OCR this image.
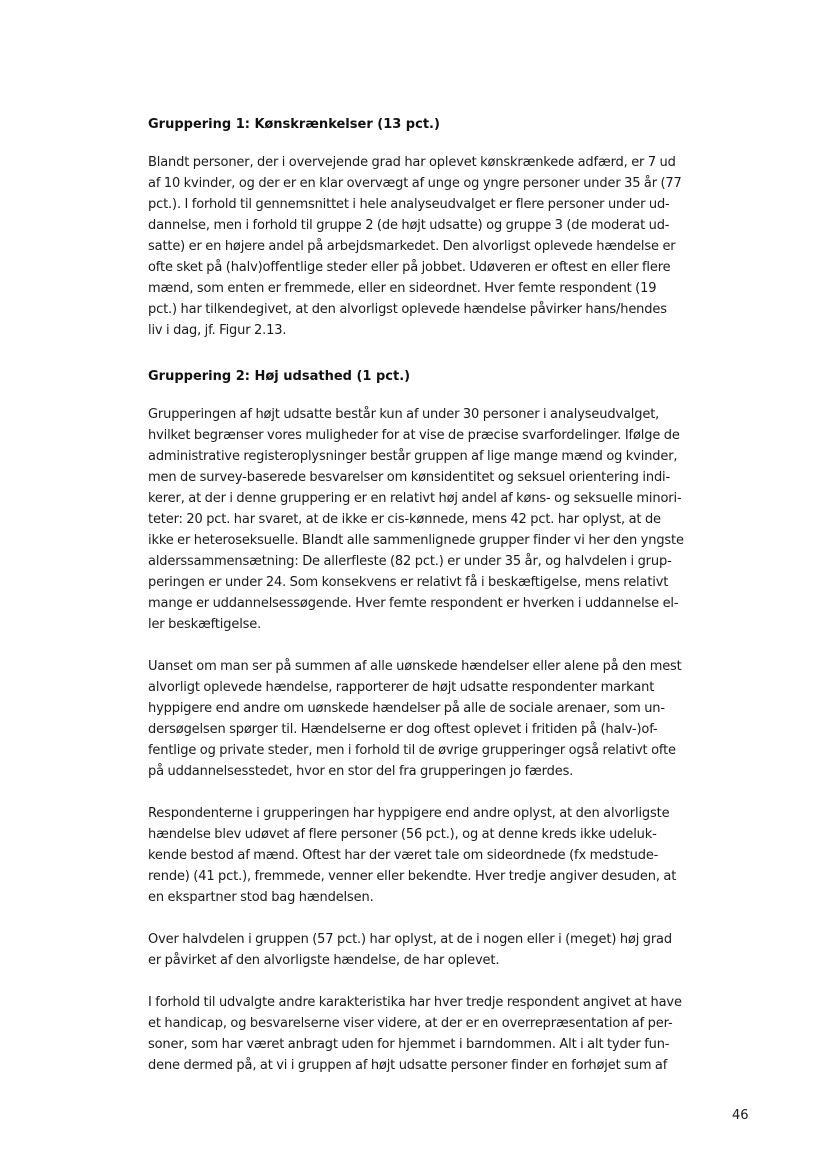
Gruppering 1: Kønskrænkelser (13 pct.)

Blandt personer, der i overvejende grad har oplevet kønskrænkede adfærd, er 7 ud
af 10 kvinder, og der er en klar overvægt af unge og yngre personer under 35 år (77
pct.). I forhold til gennemsnittet i hele analyseudvalget er flere personer under ud-
dannelse, men i forhold til gruppe 2 (de højt udsatte) og gruppe 3 (de moderat ud-
satte) er en højere andel på arbejdsmarkedet. Den alvorligst oplevede hændelse er
ofte sket på (halv)offentlige steder eller på jobbet. Udøveren er oftest en eller flere
mænd, som enten er fremmede, eller en sideordnet. Hver femte respondent (19
pct.) har tilkendegivet, at den alvorligst oplevede hændelse påvirker hans/hendes
liv i dag, jf. Figur 2.13.

Gruppering 2: Høj udsathed (1 pct.)

Grupperingen af højt udsatte består kun af under 30 personer i analyseudvalget,
hvilket begrænser vores muligheder for at vise de præcise svarfordelinger. Ifølge de
administrative registeroplysninger består gruppen af lige mange mænd og kvinder,
men de survey-baserede besvarelser om kønsidentitet og seksuel orientering indi-
kerer, at der i denne gruppering er en relativt høj andel af køns- og seksuelle minori-
teter: 20 pct. har svaret, at de ikke er cis-kønnede, mens 42 pct. har oplyst, at de
ikke er heteroseksuelle. Blandt alle sammenlignede grupper finder vi her den yngste
alderssammensætning: De allerfleste (82 pct.) er under 35 år, og halvdelen i grup-
peringen er under 24. Som konsekvens er relativt få i beskæftigelse, mens relativt
mange er uddannelsessøgende. Hver femte respondent er hverken i uddannelse el-
ler beskæftigelse.

Uanset om man ser på summen af alle uønskede hændelser eller alene på den mest
alvorligt oplevede hændelse, rapporterer de højt udsatte respondenter markant
hyppigere end andre om uønskede hændelser på alle de sociale arenaer, som un-
dersøgelsen spørger til. Hændelserne er dog oftest oplevet i fritiden på (halv-)of-
fentlige og private steder, men i forhold til de øvrige grupperinger også relativt ofte
på uddannelsesstedet, hvor en stor del fra grupperingen jo færdes.

Respondenterne i grupperingen har hyppigere end andre oplyst, at den alvorligste
hændelse blev udøvet af flere personer (56 pct.), og at denne kreds ikke udeluk-
kende bestod af mænd. Oftest har der været tale om sideordnede (fx medstude-
rende) (41 pct.), fremmede, venner eller bekendte. Hver tredje angiver desuden, at
en ekspartner stod bag hændelsen.

Over halvdelen i gruppen (57 pct.) har oplyst, at de i nogen eller i (meget) høj grad
er påvirket af den alvorligste hændelse, de har oplevet.

I forhold til udvalgte andre karakteristika har hver tredje respondent angivet at have
et handicap, og besvarelserne viser videre, at der er en overrepræsentation af per-
soner, som har været anbragt uden for hjemmet i barndommen. Alt i alt tyder fun-
dene dermed på, at vi i gruppen af højt udsatte personer finder en forhøjet sum af

46
